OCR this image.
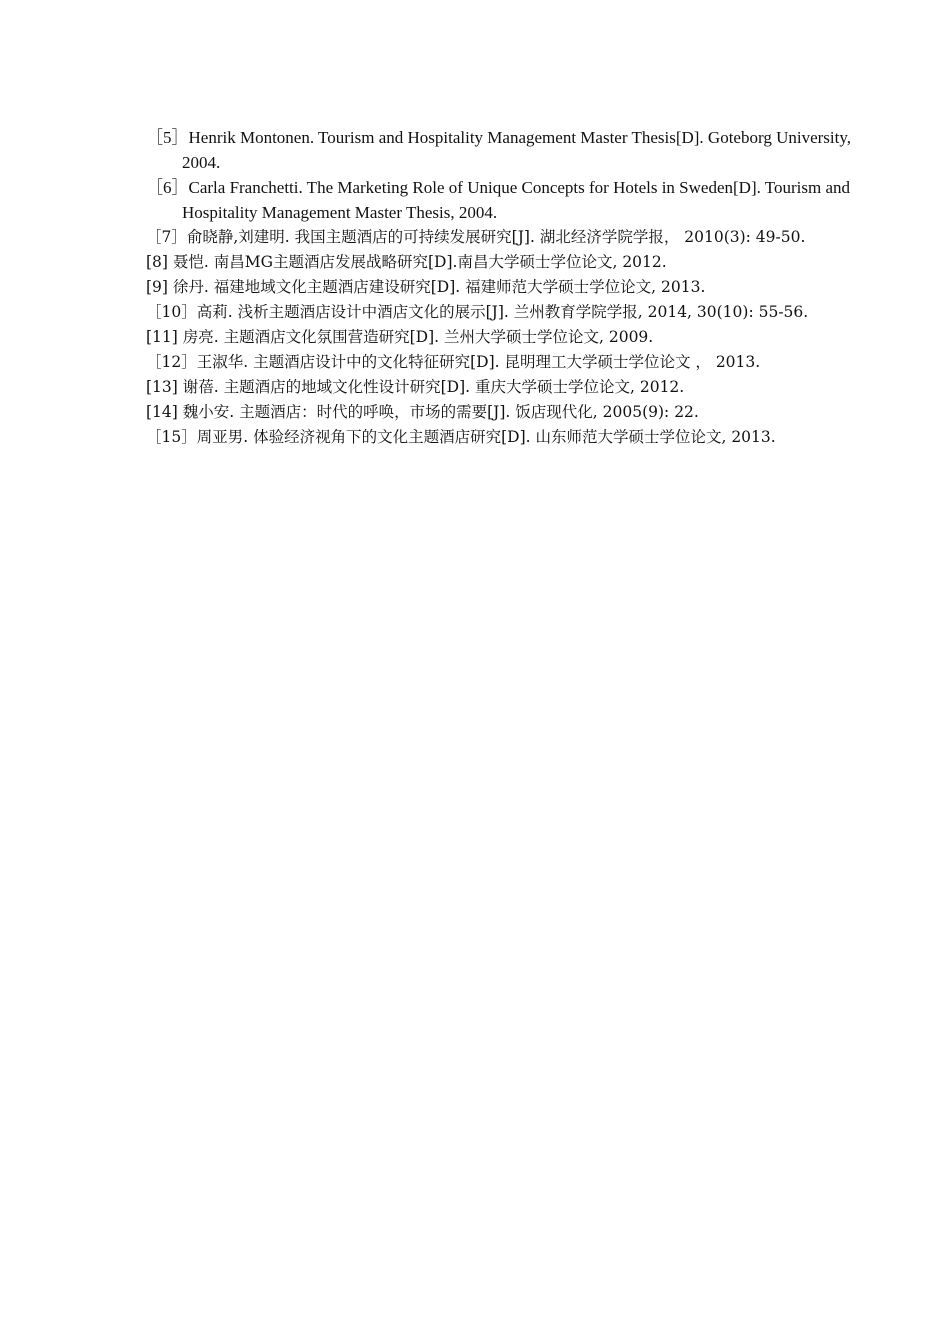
［5］Henrik Montonen. Tourism and Hospitality Management Master Thesis[D]. Goteborg University, 2004.
［6］Carla Franchetti. The Marketing Role of Unique Concepts for Hotels in Sweden[D]. Tourism and Hospitality Management Master Thesis, 2004.
［7］俞晓静,刘建明. 我国主题酒店的可持续发展研究[J]. 湖北经济学院学报， 2010(3): 49-50.
[8] 聂恺. 南昌MG主题酒店发展战略研究[D].南昌大学硕士学位论文, 2012.
[9] 徐丹. 福建地域文化主题酒店建设研究[D]. 福建师范大学硕士学位论文, 2013.
［10］高莉. 浅析主题酒店设计中酒店文化的展示[J]. 兰州教育学院学报, 2014, 30(10): 55-56.
[11] 房亮. 主题酒店文化氛围营造研究[D]. 兰州大学硕士学位论文, 2009.
［12］王淑华. 主题酒店设计中的文化特征研究[D]. 昆明理工大学硕士学位论文 ， 2013.
[13] 谢蓓. 主题酒店的地域文化性设计研究[D]. 重庆大学硕士学位论文, 2012.
[14] 魏小安. 主题酒店：时代的呼唤，市场的需要[J]. 饭店现代化, 2005(9): 22.
［15］周亚男. 体验经济视角下的文化主题酒店研究[D]. 山东师范大学硕士学位论文, 2013.
